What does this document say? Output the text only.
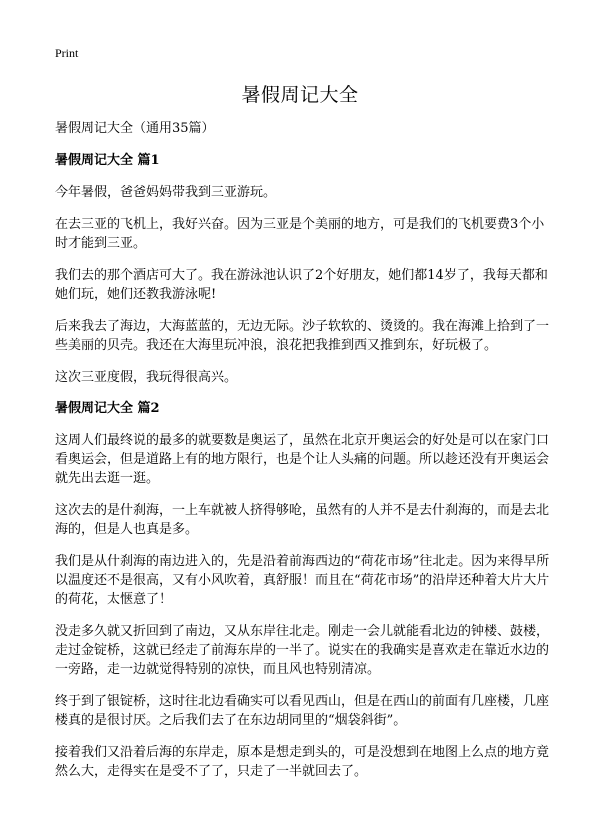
Print
暑假周记大全

暑假周记大全（通用35篇）

暑假周记大全 篇1

今年暑假，爸爸妈妈带我到三亚游玩。

在去三亚的飞机上，我好兴奋。因为三亚是个美丽的地方，可是我们的飞机要费3个小时才能到三亚。

我们去的那个酒店可大了。我在游泳池认识了2个好朋友，她们都14岁了，我每天都和她们玩，她们还教我游泳呢!

后来我去了海边，大海蓝蓝的，无边无际。沙子软软的、烫烫的。我在海滩上拾到了一些美丽的贝壳。我还在大海里玩冲浪，浪花把我推到西又推到东，好玩极了。

这次三亚度假，我玩得很高兴。

暑假周记大全 篇2

这周人们最终说的最多的就要数是奥运了，虽然在北京开奥运会的好处是可以在家门口看奥运会，但是道路上有的地方限行，也是个让人头痛的问题。所以趁还没有开奥运会就先出去逛一逛。

这次去的是什刹海，一上车就被人挤得够呛，虽然有的人并不是去什刹海的，而是去北海的，但是人也真是多。

我们是从什刹海的南边进入的，先是沿着前海西边的“荷花市场”往北走。因为来得早所以温度还不是很高，又有小风吹着，真舒服！而且在“荷花市场”的沿岸还种着大片大片的荷花，太惬意了！

没走多久就又折回到了南边，又从东岸往北走。刚走一会儿就能看北边的钟楼、鼓楼，走过金锭桥，这就已经走了前海东岸的一半了。说实在的我确实是喜欢走在靠近水边的一旁路，走一边就觉得特别的凉快，而且风也特别清凉。

终于到了银锭桥，这时往北边看确实可以看见西山，但是在西山的前面有几座楼，几座楼真的是很讨厌。之后我们去了在东边胡同里的“烟袋斜街”。

接着我们又沿着后海的东岸走，原本是想走到头的，可是没想到在地图上么点的地方竟然么大，走得实在是受不了了，只走了一半就回去了。
